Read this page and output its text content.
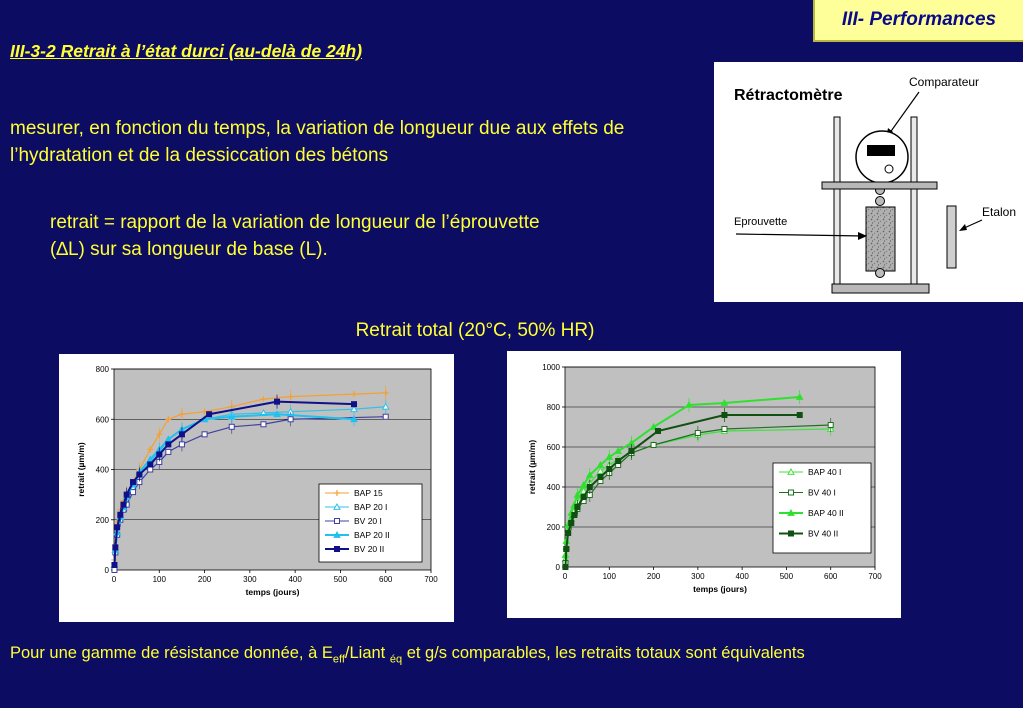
III- Performances
III-3-2 Retrait à l’état durci (au-delà de 24h)
mesurer, en fonction du temps, la variation de longueur due aux effets de l’hydratation et de la dessiccation des bétons
retrait = rapport de la variation de longueur de l’éprouvette (∆L) sur sa longueur de base (L).
Rétractomètre
Comparateur
Eprouvette
Etalon
Retrait total (20°C, 50% HR)
0
200
400
600
800
0	100	200	300	400	500	600	700
temps (jours)
retrait (µm/m)	BAP 15
BAP 20 I
BV 20 I
BAP 20 II
BV 20 II
0
200
400
600
800
1000
0	100	200	300	400	500	600	700
temps (jours)
retrait (µm/m)	BAP 40 I
BV 40 I
BAP 40 II
BV 40 II
Pour une gamme de résistance donnée, à $E_{eff}$/Liant $_{éq}$ et g/s comparables, les retraits totaux sont équivalents
